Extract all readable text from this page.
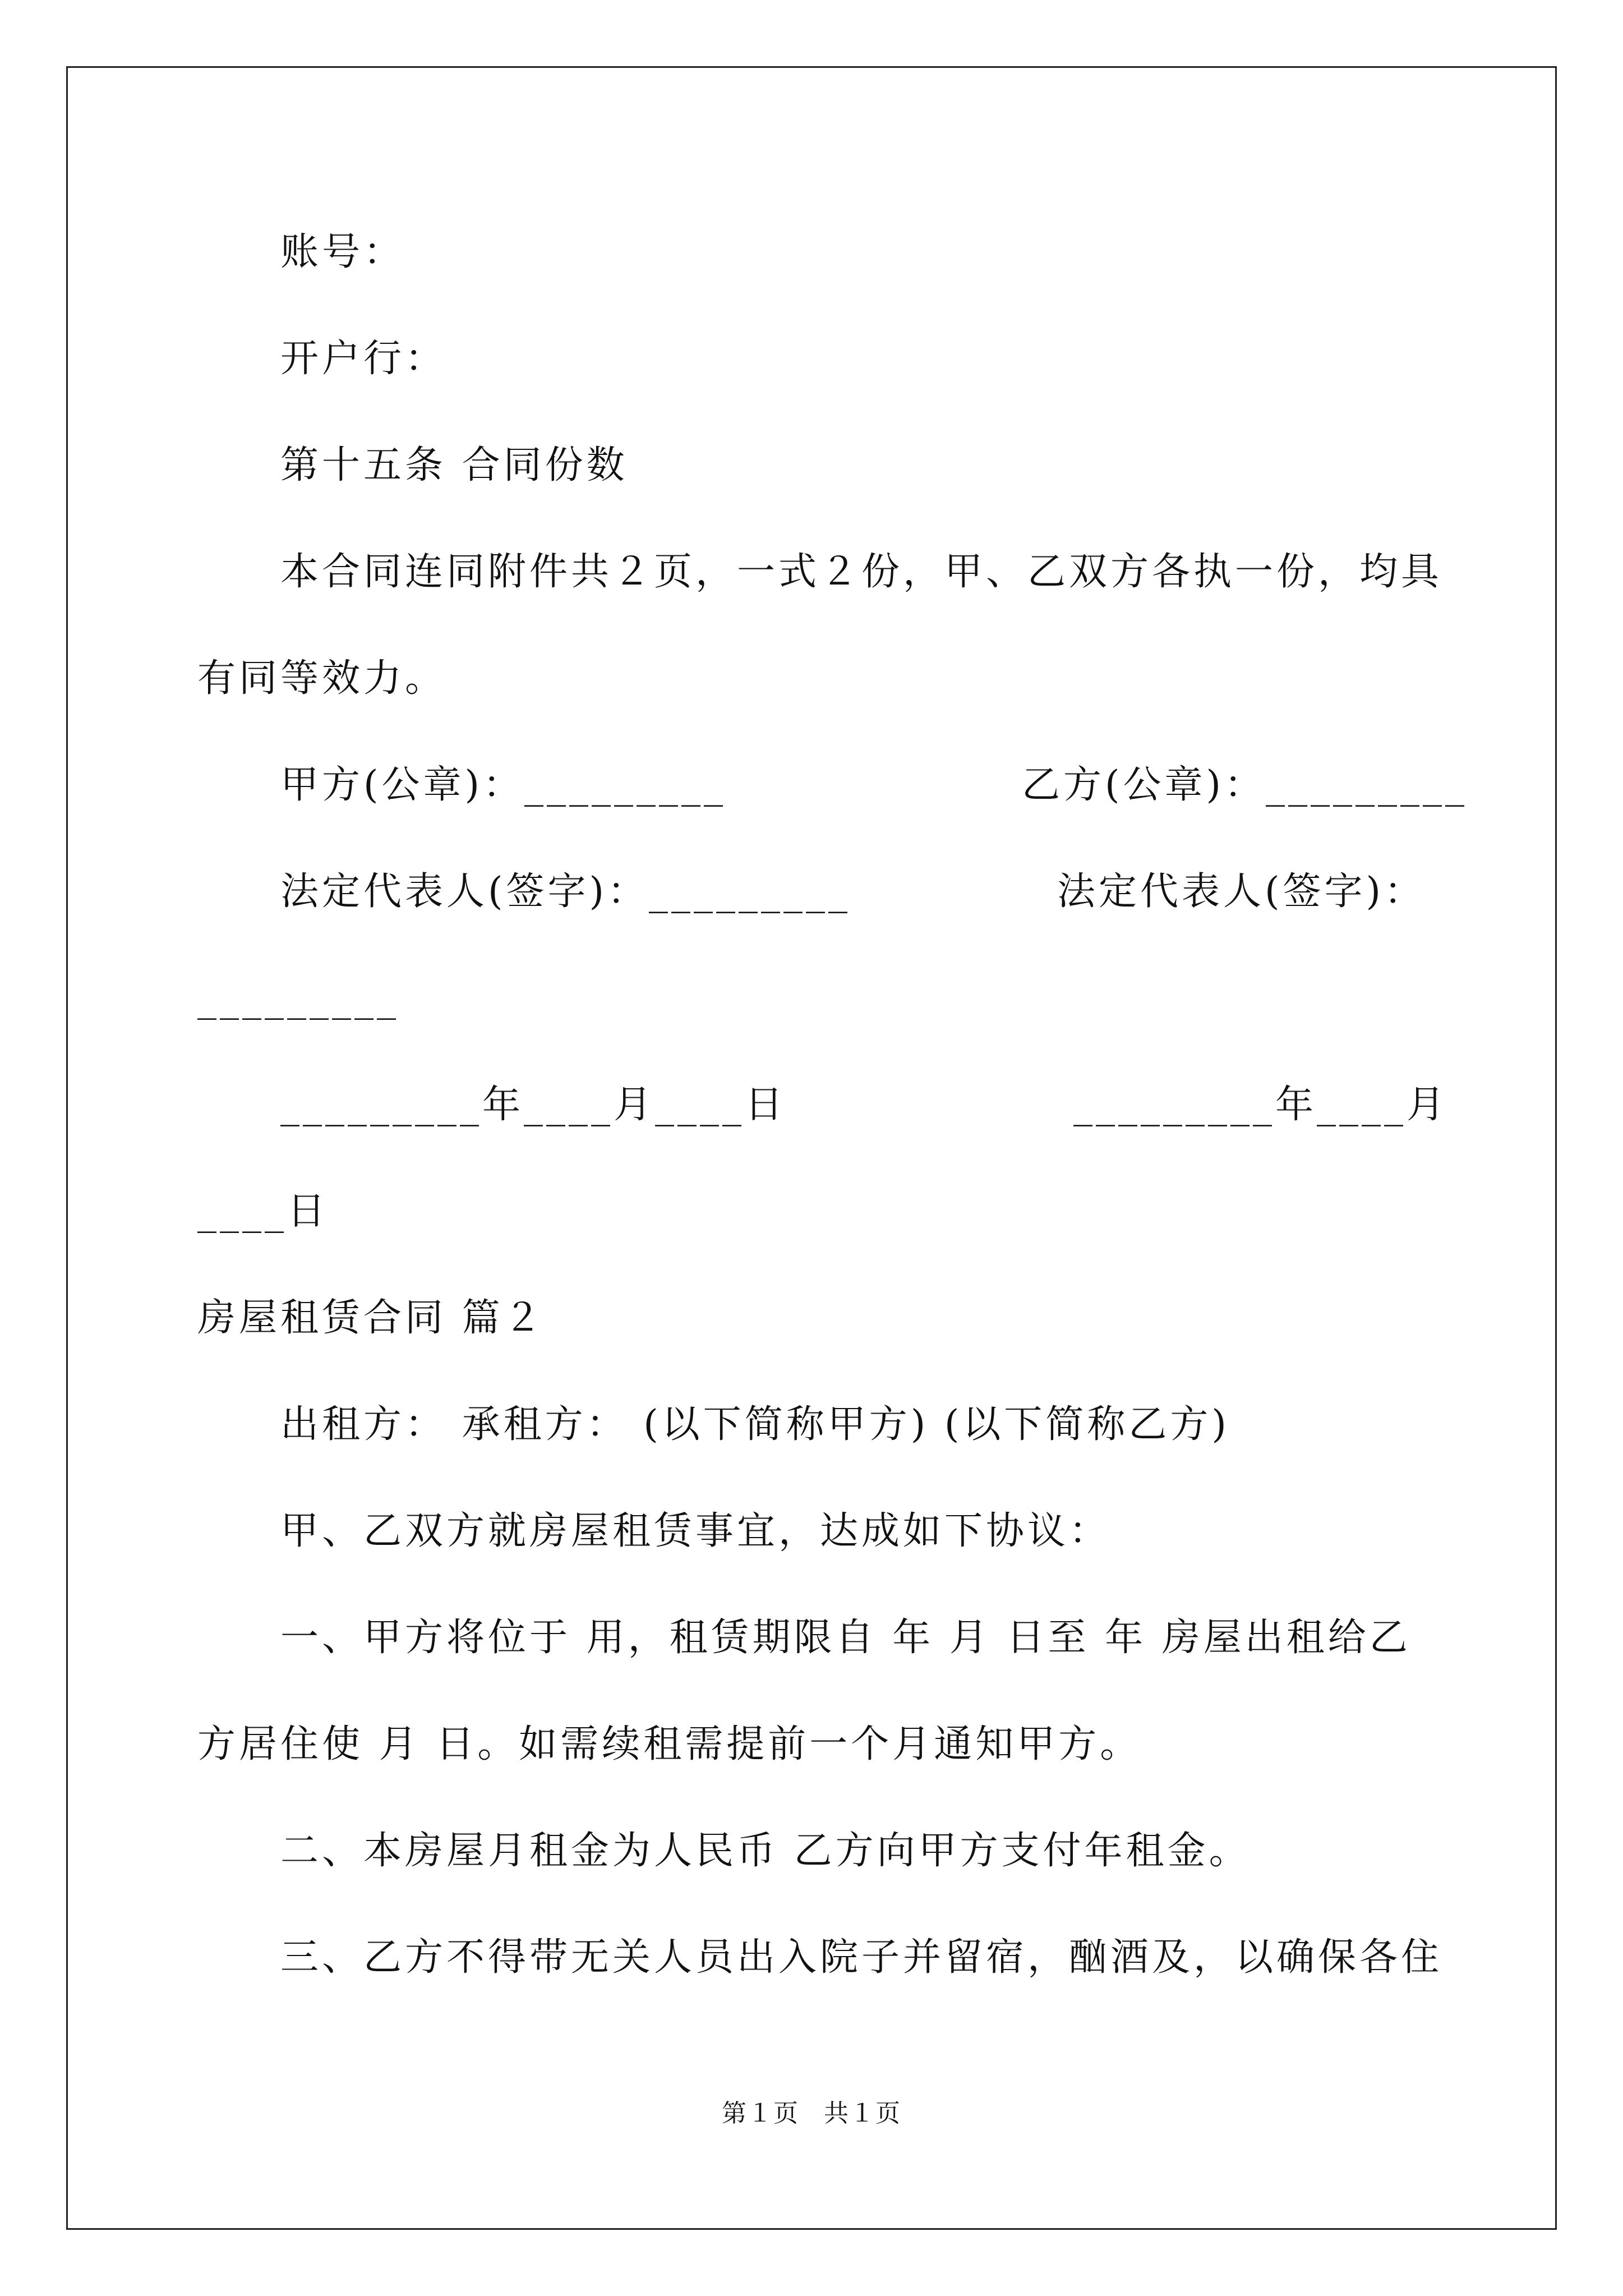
账号：
开户行：
第十五条 合同份数
本合同连同附件共２页，一式２份，甲、乙双方各执一份，均具
有同等效力。
甲方(公章)：_________	乙方(公章)：_________
法定代表人(签字)：_________	法定代表人(签字)：
_________
_________年____月____日	_________年____月
____日
房屋租赁合同 篇２
出租方： 承租方： (以下简称甲方) (以下简称乙方)
甲、乙双方就房屋租赁事宜，达成如下协议：
一、甲方将位于 用，租赁期限自 年 月 日至 年 房屋出租给乙
方居住使 月 日。如需续租需提前一个月通知甲方。
二、本房屋月租金为人民币 乙方向甲方支付年租金。
三、乙方不得带无关人员出入院子并留宿，酗酒及，以确保各住
第１页 共１页
